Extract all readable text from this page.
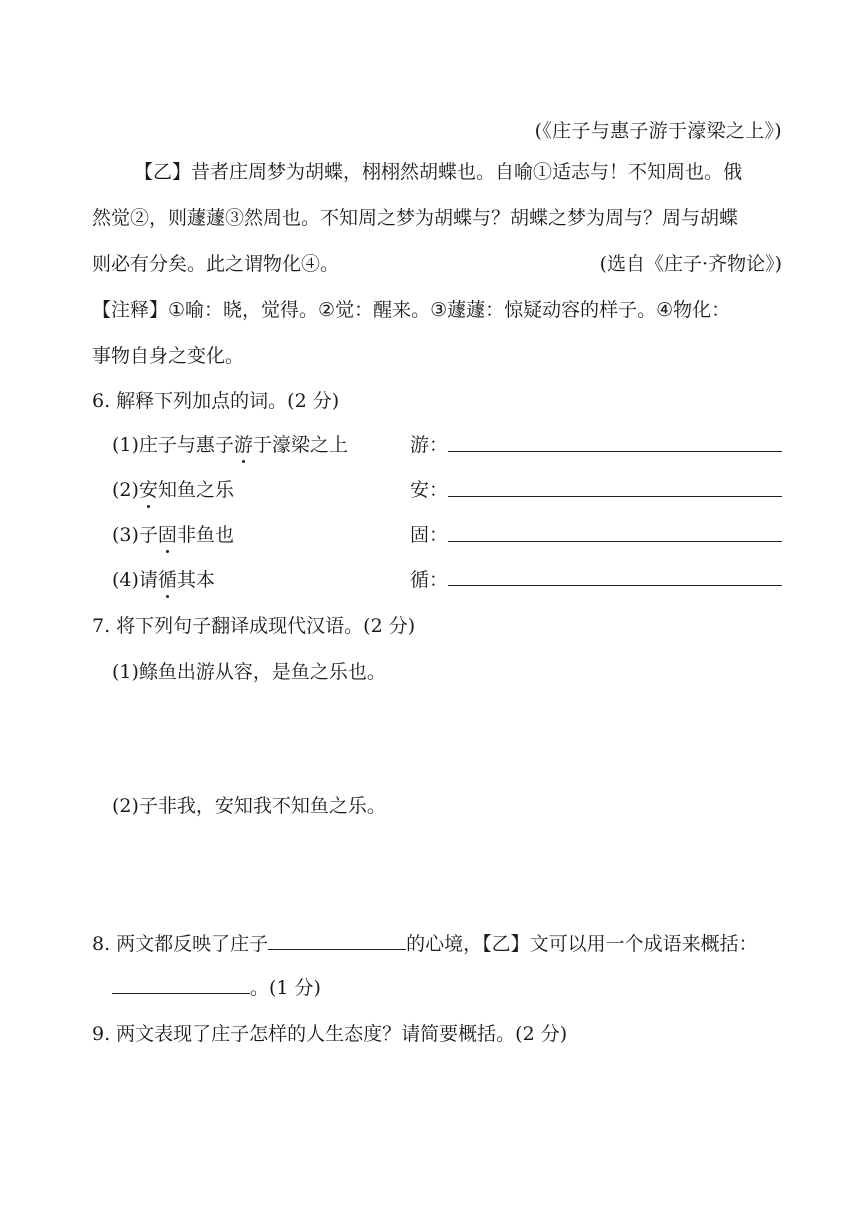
(《庄子与惠子游于濠梁之上》)

【乙】昔者庄周梦为胡蝶，栩栩然胡蝶也。自喻①适志与！不知周也。俄

然觉②，则蘧蘧③然周也。不知周之梦为胡蝶与？胡蝶之梦为周与？周与胡蝶

则必有分矣。此之谓物化④。	(选自《庄子·齐物论》)

【注释】①喻：晓，觉得。②觉：醒来。③蘧蘧：惊疑动容的样子。④物化：

事物自身之变化。

6. 解释下列加点的词。(2 分)
(1)庄子与惠子游于濠梁之上	游：
(2)安知鱼之乐	安：
(3)子固非鱼也	固：
(4)请循其本	循：
7. 将下列句子翻译成现代汉语。(2 分)
(1)鲦鱼出游从容，是鱼之乐也。
(2)子非我，安知我不知鱼之乐。
8. 两文都反映了庄子	的心境，【乙】文可以用一个成语来概括：
。(1 分)
9. 两文表现了庄子怎样的人生态度？请简要概括。(2 分)
